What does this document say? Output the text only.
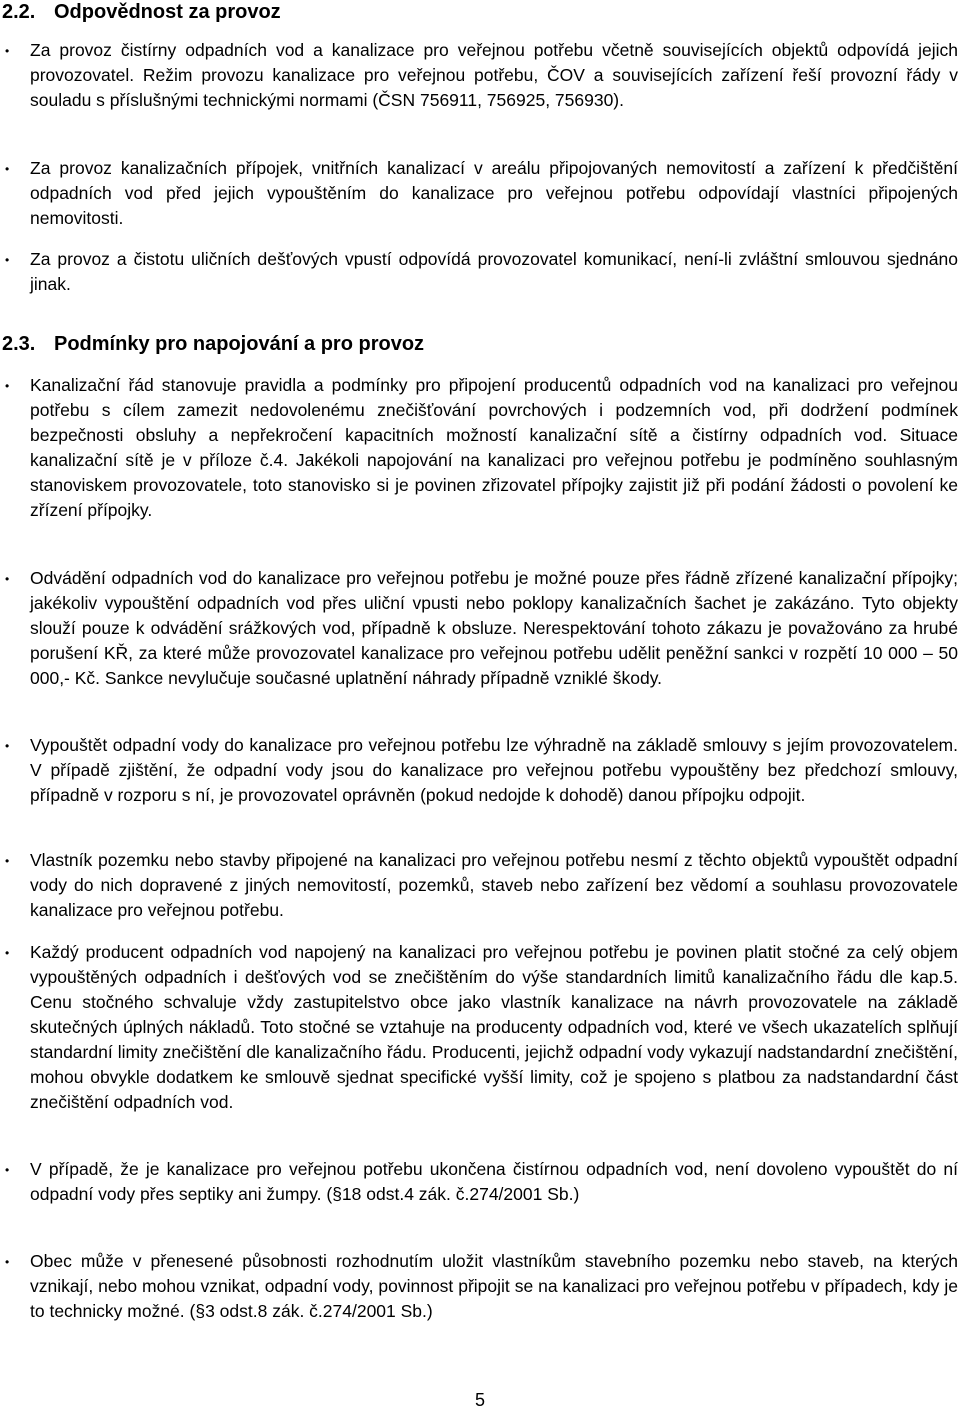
2.2. Odpovědnost za provoz
• Za provoz čistírny odpadních vod a kanalizace pro veřejnou potřebu včetně souvisejících objektů odpovídá jejich provozovatel. Režim provozu kanalizace pro veřejnou potřebu, ČOV a souvisejících zařízení řeší provozní řády v souladu s příslušnými technickými normami (ČSN 756911, 756925, 756930).
• Za provoz kanalizačních přípojek, vnitřních kanalizací v areálu připojovaných nemovitostí a zařízení k předčištění odpadních vod před jejich vypouštěním do kanalizace pro veřejnou potřebu odpovídají vlastníci připojených nemovitosti.
• Za provoz a čistotu uličních dešťových vpustí odpovídá provozovatel komunikací, není-li zvláštní smlouvou sjednáno jinak.
2.3. Podmínky pro napojování a pro provoz
• Kanalizační řád stanovuje pravidla a podmínky pro připojení producentů odpadních vod na kanalizaci pro veřejnou potřebu s cílem zamezit nedovolenému znečišťování povrchových i podzemních vod, při dodržení podmínek bezpečnosti obsluhy a nepřekročení kapacitních možností kanalizační sítě a čistírny odpadních vod. Situace kanalizační sítě je v příloze č.4. Jakékoli napojování na kanalizaci pro veřejnou potřebu je podmíněno souhlasným stanoviskem provozovatele, toto stanovisko si je povinen zřizovatel přípojky zajistit již při podání žádosti o povolení ke zřízení přípojky.
• Odvádění odpadních vod do kanalizace pro veřejnou potřebu je možné pouze přes řádně zřízené kanalizační přípojky; jakékoliv vypouštění odpadních vod přes uliční vpusti nebo poklopy kanalizačních šachet je zakázáno. Tyto objekty slouží pouze k odvádění srážkových vod, případně k obsluze. Nerespektování tohoto zákazu je považováno za hrubé porušení KŘ, za které může provozovatel kanalizace pro veřejnou potřebu udělit peněžní sankci v rozpětí 10 000 – 50 000,- Kč. Sankce nevylučuje současné uplatnění náhrady případně vzniklé škody.
• Vypouštět odpadní vody do kanalizace pro veřejnou potřebu lze výhradně na základě smlouvy s jejím provozovatelem. V případě zjištění, že odpadní vody jsou do kanalizace pro veřejnou potřebu vypouštěny bez předchozí smlouvy, případně v rozporu s ní, je provozovatel oprávněn (pokud nedojde k dohodě) danou přípojku odpojit.
• Vlastník pozemku nebo stavby připojené na kanalizaci pro veřejnou potřebu nesmí z těchto objektů vypouštět odpadní vody do nich dopravené z jiných nemovitostí, pozemků, staveb nebo zařízení bez vědomí a souhlasu provozovatele kanalizace pro veřejnou potřebu.
• Každý producent odpadních vod napojený na kanalizaci pro veřejnou potřebu je povinen platit stočné za celý objem vypouštěných odpadních i dešťových vod se znečištěním do výše standardních limitů kanalizačního řádu dle kap.5. Cenu stočného schvaluje vždy zastupitelstvo obce jako vlastník kanalizace na návrh provozovatele na základě skutečných úplných nákladů. Toto stočné se vztahuje na producenty odpadních vod, které ve všech ukazatelích splňují standardní limity znečištění dle kanalizačního řádu. Producenti, jejichž odpadní vody vykazují nadstandardní znečištění, mohou obvykle dodatkem ke smlouvě sjednat specifické vyšší limity, což je spojeno s platbou za nadstandardní část znečištění odpadních vod.
• V případě, že je kanalizace pro veřejnou potřebu ukončena čistírnou odpadních vod, není dovoleno vypouštět do ní odpadní vody přes septiky ani žumpy. (§18 odst.4 zák. č.274/2001 Sb.)
• Obec může v přenesené působnosti rozhodnutím uložit vlastníkům stavebního pozemku nebo staveb, na kterých vznikají, nebo mohou vznikat, odpadní vody, povinnost připojit se na kanalizaci pro veřejnou potřebu v případech, kdy je to technicky možné. (§3 odst.8 zák. č.274/2001 Sb.)
5
